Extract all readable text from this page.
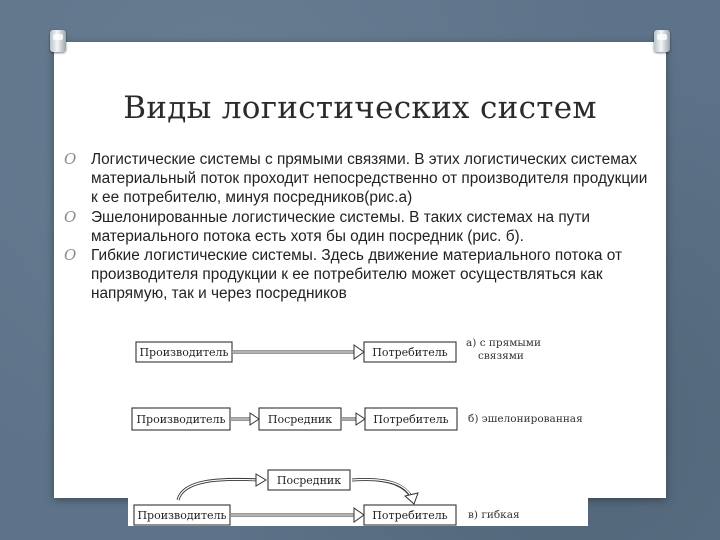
Виды логистических систем

O Логистические системы с прямыми связями. В этих логистических системах материальный поток проходит непосредственно от производителя продукции к ее потребителю, минуя посредников(рис.а)

O Эшелонированные логистические системы. В таких системах на пути материального потока есть хотя бы один посредник (рис. б).

O Гибкие логистические системы. Здесь движение материального потока от производителя продукции к ее потребителю может осуществляться как напрямую, так и через посредников

Производитель	Потребитель
а) с прямыми
связями
Производитель	Посредник	Потребитель б) эшелонированная
Посредник
Производитель	Потребитель в) гибкая
